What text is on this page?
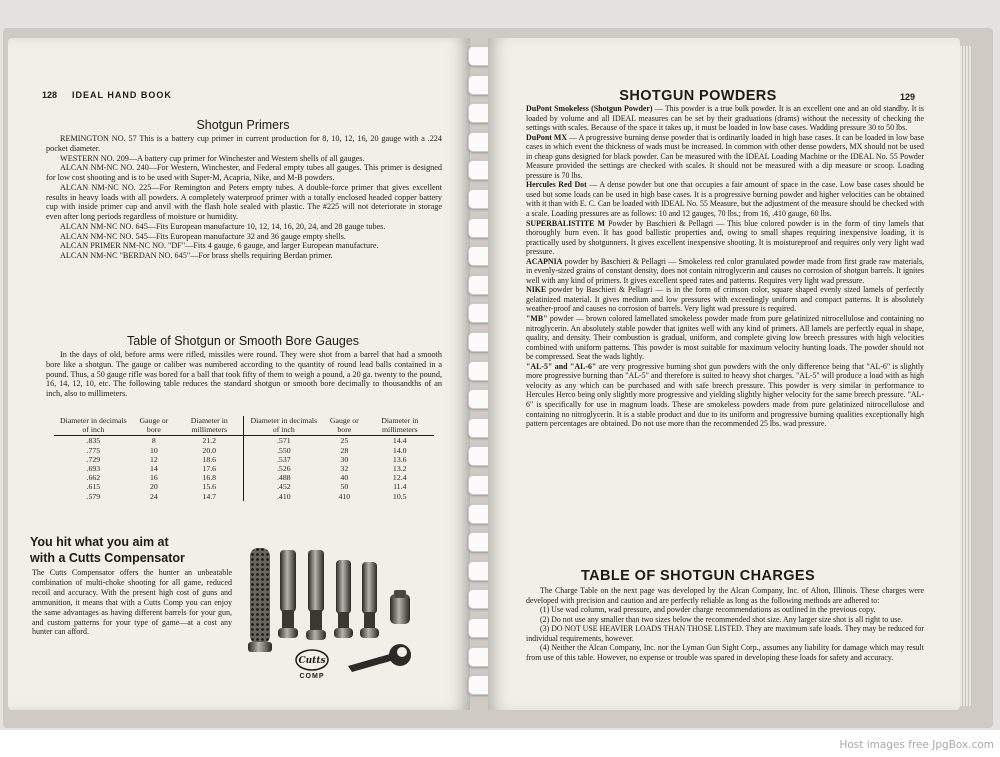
128 IDEAL HAND BOOK
Shotgun Primers

REMINGTON NO. 57 This is a battery cup primer in current production for 8, 10, 12, 16, 20 gauge with a .224 pocket diameter.

WESTERN NO. 209—A battery cup primer for Winchester and Western shells of all gauges.

ALCAN NM-NC NO. 240—For Western, Winchester, and Federal empty tubes all gauges. This primer is designed for low cost shooting and is to be used with Super-M, Acapria, Nike, and M-B powders.

ALCAN NM-NC NO. 225—For Remington and Peters empty tubes. A double-force primer that gives excellent results in heavy loads with all powders. A completely waterproof primer with a totally enclosed headed copper battery cup with inside primer cup and anvil with the flash hole sealed with plastic. The #225 will not deteriorate in storage even after long periods regardless of moisture or humidity.

ALCAN NM-NC NO. 645—Fits European manufacture 10, 12, 14, 16, 20, 24, and 28 gauge tubes.

ALCAN NM-NC NO. 545—Fits European manufacture 32 and 36 gauge empty shells.

ALCAN PRIMER NM-NC NO. "DF"—Fits 4 gauge, 6 gauge, and larger European manufacture.

ALCAN NM-NC "BERDAN NO. 645"—For brass shells requiring Berdan primer.

Table of Shotgun or Smooth Bore Gauges

In the days of old, before arms were rifled, missiles were round. They were shot from a barrel that had a smooth bore like a shotgun. The gauge or caliber was numbered according to the quantity of round lead balls contained in a pound. Thus, a 50 gauge rifle was bored for a ball that took fifty of them to weigh a pound, a 20 ga. twenty to the pound, 16, 14, 12, 10, etc. The following table reduces the standard shotgun or smooth bore decimally to thousandths of an inch, also to millimeters.

Diameter in decimals of inch	Gauge or bore	Diameter in millimeters	Diameter in decimals of inch	Gauge or bore	Diameter in millimeters
.835	8	21.2	.571	25	14.4
.775	10	20.0	.550	28	14.0
.729	12	18.6	.537	30	13.6
.693	14	17.6	.526	32	13.2
.662	16	16.8	.488	40	12.4
.615	20	15.6	.452	50	11.4
.579	24	14.7	.410	410	10.5
You hit what you aim at
with a Cutts Compensator
The Cutts Compensator offers the hunter an unbeatable combination of multi-choke shooting for all game, reduced recoil and accuracy. With the present high cost of guns and ammunition, it means that with a Cutts Comp you can enjoy the same advantages as having different barrels for your gun, and custom patterns for your type of game—at a cost any hunter can afford.
Cutts
COMP
SHOTGUN POWDERS	129

DuPont Smokeless (Shotgun Powder) — This powder is a true bulk powder. It is an excellent one and an old standby. It is loaded by volume and all IDEAL measures can be set by their graduations (drams) without the necessity of checking the settings with scales. Because of the space it takes up, it must be loaded in low base cases. Wadding pressure 30 to 50 lbs.

DuPont MX — A progressive burning dense powder that is ordinarily loaded in high base cases. It can be loaded in low base cases in which event the thickness of wads must be increased. In common with other dense powders, MX should not be used in cheap guns designed for black powder. Can be measured with the IDEAL Loading Machine or the IDEAL No. 55 Powder Measure provided the settings are checked with scales. It should not be measured with a dip measure or scoop. Loading pressure is 70 lbs.

Hercules Red Dot — A dense powder but one that occupies a fair amount of space in the case. Low base cases should be used but some loads can be used in high base cases. It is a progressive burning powder and higher velocities can be obtained with it than with E. C. Can be loaded with IDEAL No. 55 Measure, but the adjustment of the measure should be checked with a scale. Loading pressures are as follows: 10 and 12 gauges, 70 lbs.; from 16, .410 gauge, 60 lbs.

SUPERBALISTITE M Powder by Baschieri & Pellagri — This blue colored powder is in the form of tiny lamels that thoroughly burn even. It has good ballistic properties and, owing to small shapes requiring inexpensive loading, it is practically used by shotgunners. It gives excellent inexpensive shooting. It is moistureproof and requires only very light wad pressure.

ACAPNIA powder by Baschieri & Pellagri — Smokeless red color granulated powder made from first grade raw materials, in evenly-sized grains of constant density, does not contain nitroglycerin and causes no corrosion of shotgun barrels. It ignites well with any kind of primers. It gives excellent speed rates and patterns. Requires very light wad pressure.

NIKE powder by Baschieri & Pellagri — is in the form of crimson color, square shaped evenly sized lamels of perfectly gelatinized material. It gives medium and low pressures with exceedingly uniform and compact patterns. It is absolutely weather-proof and causes no corrosion of barrels. Very light wad pressure is required.

"MB" powder — brown colored lamellated smokeless powder made from pure gelatinized nitrocellulose and containing no nitroglycerin. An absolutely stable powder that ignites well with any kind of primers. All lamels are perfectly equal in shape, quality, and density. Their combustion is gradual, uniform, and complete giving low breech pressures with high velocities combined with uniform patterns. This powder is most suitable for maximum velocity hunting loads. The powder should not be compressed. Seat the wads lightly.

"AL-5" and "AL-6" are very progressive burning shot gun powders with the only difference being that "AL-6" is slightly more progressive burning than "AL-5" and therefore is suited to heavy shot charges. "AL-5" will produce a load with as high velocity as any which can be purchased and with safe breech pressure. This powder is very similar in performance to Hercules Herco being only slightly more progressive and yielding slightly higher velocity for the same breech pressure. "AL-6" is specifically for use in magnum loads. These are smokeless powders made from pure gelatinized nitrocellulose and containing no nitroglycerin. It is a stable product and due to its uniform and progressive burning qualities exceptionally high pattern percentages are obtained. Do not use more than the recommended 25 lbs. wad pressure.

TABLE OF SHOTGUN CHARGES

The Charge Table on the next page was developed by the Alcan Company, Inc. of Alton, Illinois. These charges were developed with precision and caution and are perfectly reliable as long as the following methods are adhered to:

(1) Use wad column, wad pressure, and powder charge recommendations as outlined in the previous copy.

(2) Do not use any smaller than two sizes below the recommended shot size. Any larger size shot is all right to use.

(3) DO NOT USE HEAVIER LOADS THAN THOSE LISTED. They are maximum safe loads. They may be reduced for individual requirements, however.

(4) Neither the Alcan Company, Inc. nor the Lyman Gun Sight Corp., assumes any liability for damage which may result from use of this table. However, no expense or trouble was spared in developing these loads for safety and accuracy.

Host images free JpgBox.com
